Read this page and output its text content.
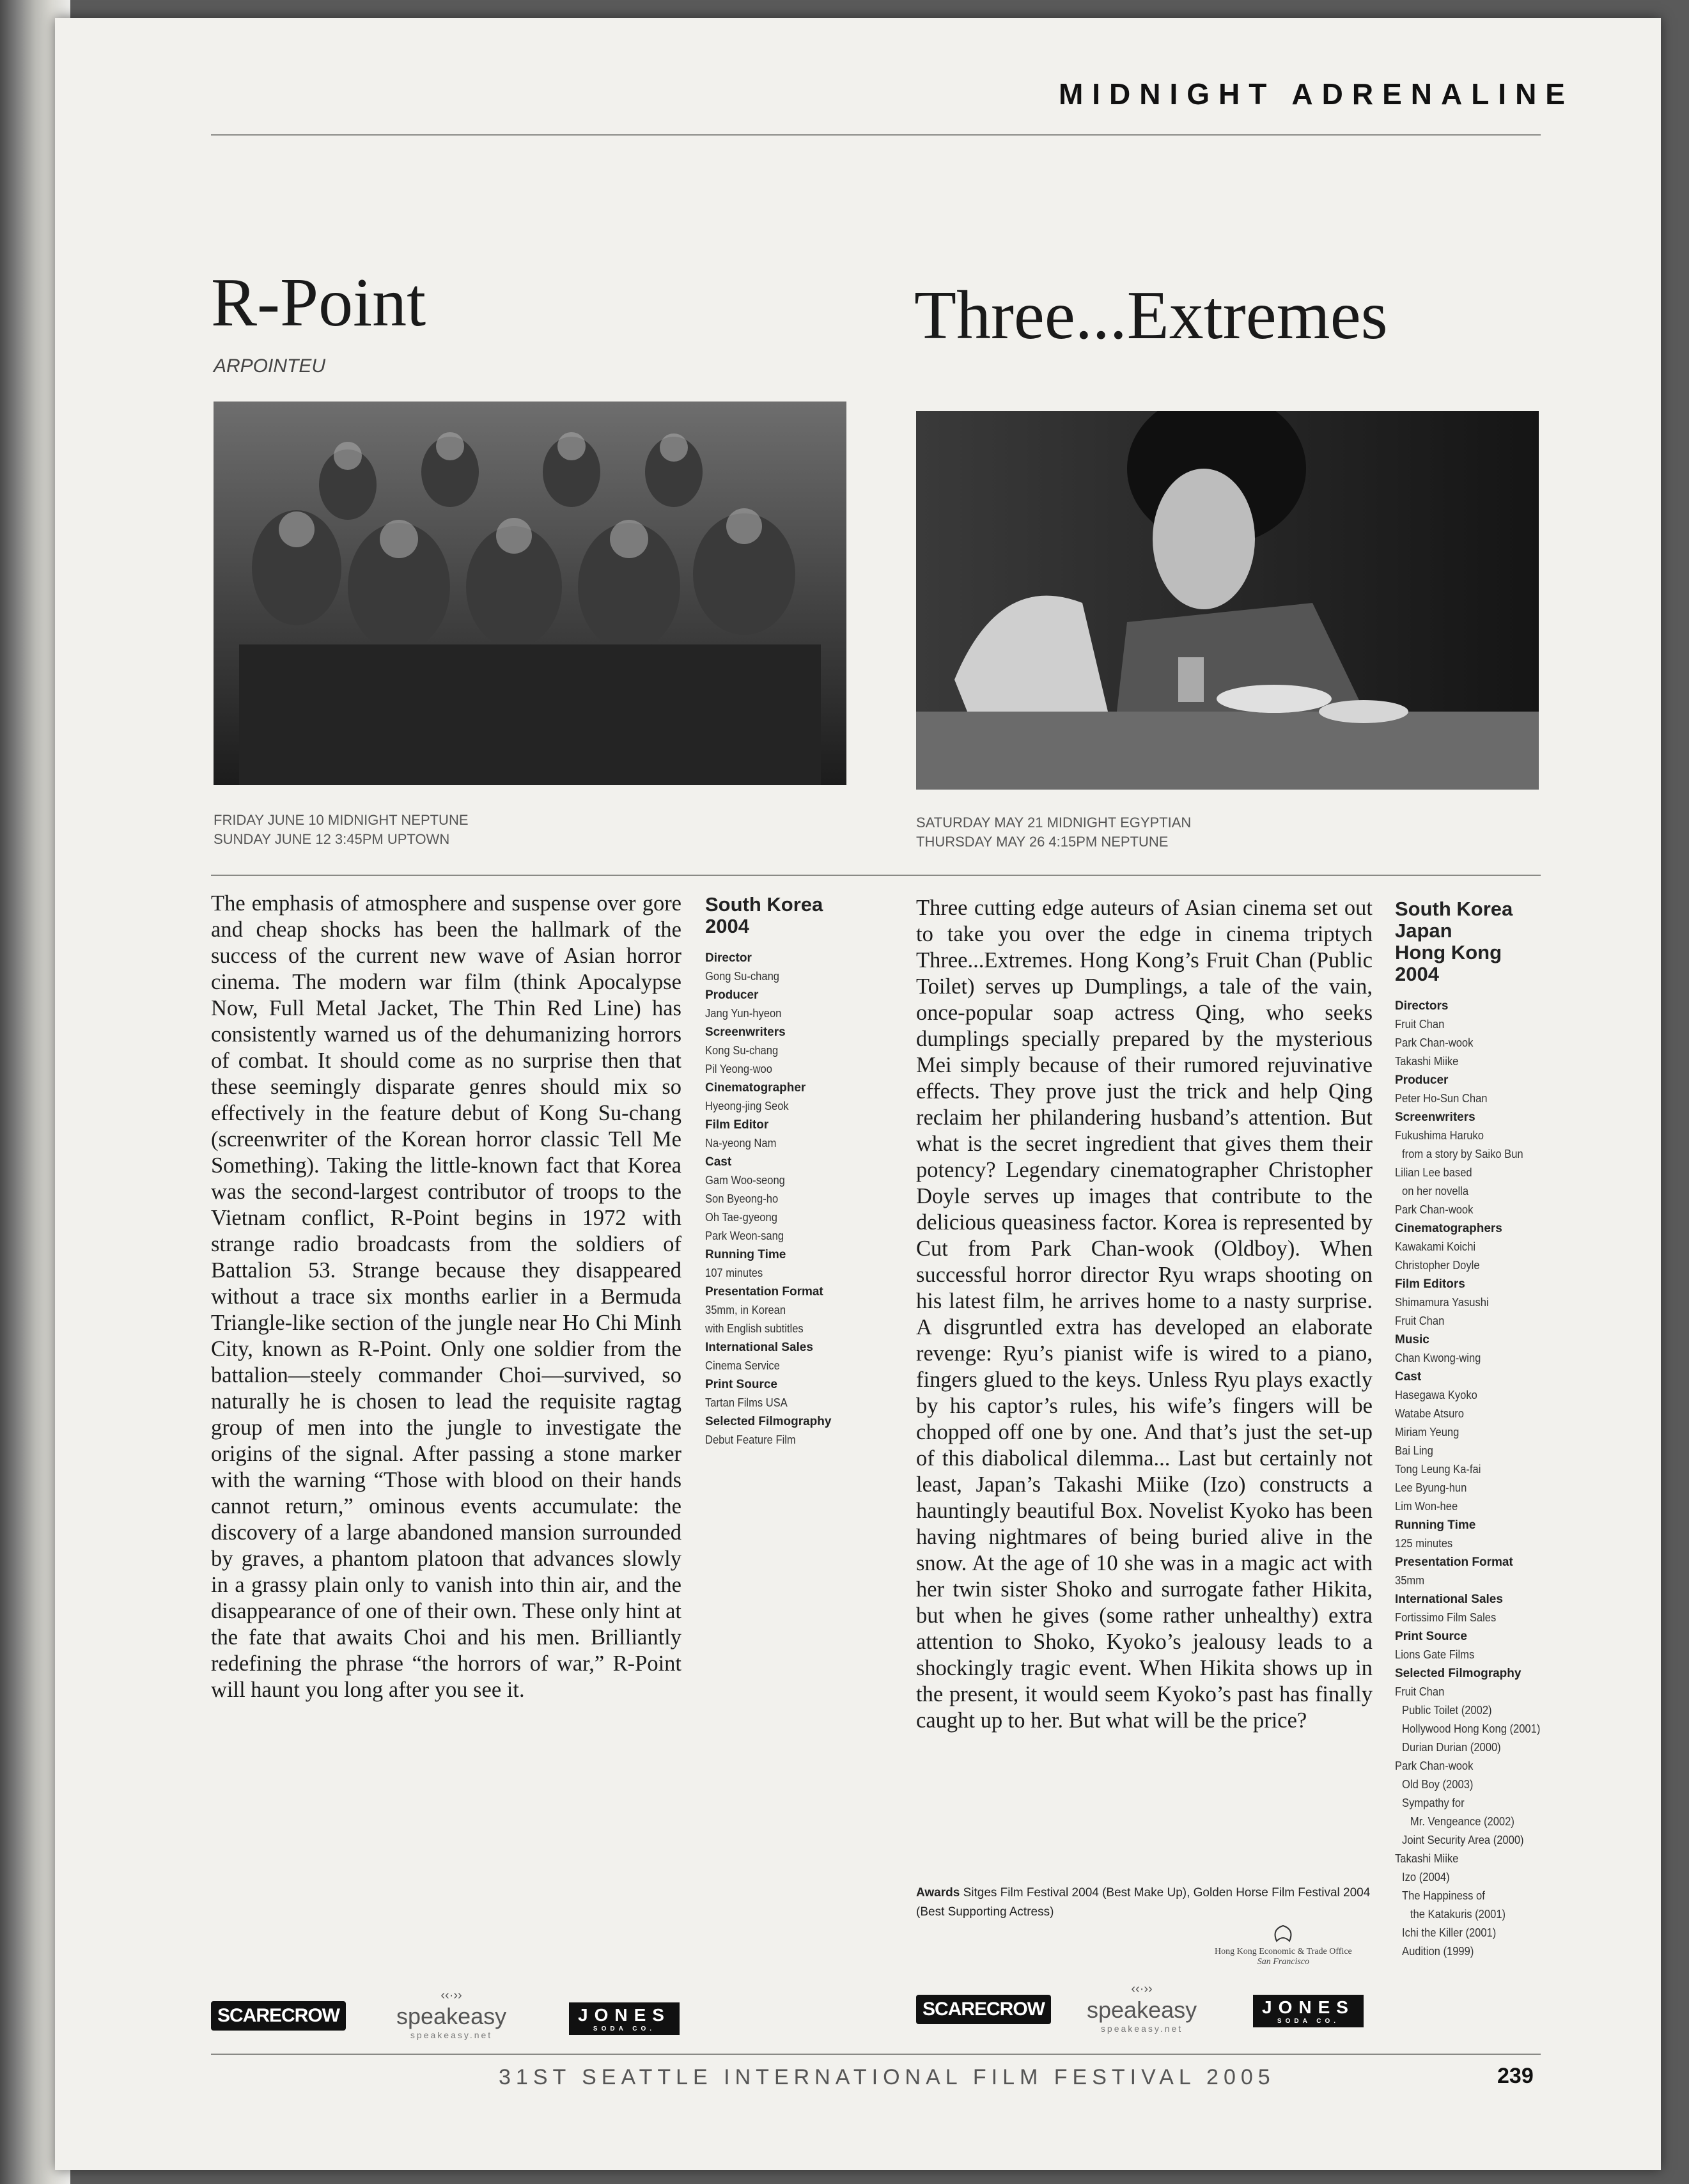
MIDNIGHT ADRENALINE
R-Point
ARPOINTEU
FRIDAY JUNE 10 MIDNIGHT NEPTUNE
SUNDAY JUNE 12 3:45PM UPTOWN
Three...Extremes
SATURDAY MAY 21 MIDNIGHT EGYPTIAN
THURSDAY MAY 26 4:15PM NEPTUNE

The emphasis of atmosphere and suspense over gore and cheap shocks has been the hallmark of the success of the current new wave of Asian horror cinema. The modern war film (think Apocalypse Now, Full Metal Jacket, The Thin Red Line) has consistently warned us of the dehumanizing horrors of combat. It should come as no surprise then that these seemingly disparate genres should mix so effectively in the feature debut of Kong Su-chang (screenwriter of the Korean horror classic Tell Me Something). Taking the little-known fact that Korea was the second-largest contributor of troops to the Vietnam conflict, R-Point begins in 1972 with strange radio broadcasts from the soldiers of Battalion 53. Strange because they disappeared without a trace six months earlier in a Bermuda Triangle-like section of the jungle near Ho Chi Minh City, known as R-Point. Only one soldier from the battalion—steely commander Choi—survived, so naturally he is chosen to lead the requisite ragtag group of men into the jungle to investigate the origins of the signal. After passing a stone marker with the warning “Those with blood on their hands cannot return,” ominous events accumulate: the discovery of a large abandoned mansion surrounded by graves, a phantom platoon that advances slowly in a grassy plain only to vanish into thin air, and the disappearance of one of their own. These only hint at the fate that awaits Choi and his men. Brilliantly redefining the phrase “the horrors of war,” R-Point will haunt you long after you see it.

South Korea
2004
Director
Gong Su-chang
Producer
Jang Yun-hyeon
Screenwriters
Kong Su-chang
Pil Yeong-woo
Cinematographer
Hyeong-jing Seok
Film Editor
Na-yeong Nam
Cast
Gam Woo-seong
Son Byeong-ho
Oh Tae-gyeong
Park Weon-sang
Running Time
107 minutes
Presentation Format
35mm, in Korean
with English subtitles
International Sales
Cinema Service
Print Source
Tartan Films USA
Selected Filmography
Debut Feature Film

Three cutting edge auteurs of Asian cinema set out to take you over the edge in cinema triptych Three...Extremes. Hong Kong’s Fruit Chan (Public Toilet) serves up Dumplings, a tale of the vain, once-popular soap actress Qing, who seeks dumplings specially prepared by the mysterious Mei simply because of their rumored rejuvinative effects. They prove just the trick and help Qing reclaim her philandering husband’s attention. But what is the secret ingredient that gives them their potency? Legendary cinematographer Christopher Doyle serves up images that contribute to the delicious queasiness factor. Korea is represented by Cut from Park Chan-wook (Oldboy). When successful horror director Ryu wraps shooting on his latest film, he arrives home to a nasty surprise. A disgruntled extra has developed an elaborate revenge: Ryu’s pianist wife is wired to a piano, fingers glued to the keys. Unless Ryu plays exactly by his captor’s rules, his wife’s fingers will be chopped off one by one. And that’s just the set-up of this diabolical dilemma... Last but certainly not least, Japan’s Takashi Miike (Izo) constructs a hauntingly beautiful Box. Novelist Kyoko has been having nightmares of being buried alive in the snow. At the age of 10 she was in a magic act with her twin sister Shoko and surrogate father Hikita, but when he gives (some rather unhealthy) extra attention to Shoko, Kyoko’s jealousy leads to a shockingly tragic event. When Hikita shows up in the present, it would seem Kyoko’s past has finally caught up to her. But what will be the price?

Awards Sitges Film Festival 2004 (Best Make Up), Golden Horse Film Festival 2004 (Best Supporting Actress)
Hong Kong Economic & Trade Office
San Francisco
South Korea
Japan
Hong Kong
2004
Directors
Fruit Chan
Park Chan-wook
Takashi Miike
Producer
Peter Ho-Sun Chan
Screenwriters
Fukushima Haruko
from a story by Saiko Bun
Lilian Lee based
on her novella
Park Chan-wook
Cinematographers
Kawakami Koichi
Christopher Doyle
Film Editors
Shimamura Yasushi
Fruit Chan
Music
Chan Kwong-wing
Cast
Hasegawa Kyoko
Watabe Atsuro
Miriam Yeung
Bai Ling
Tong Leung Ka-fai
Lee Byung-hun
Lim Won-hee
Running Time
125 minutes
Presentation Format
35mm
International Sales
Fortissimo Film Sales
Print Source
Lions Gate Films
Selected Filmography
Fruit Chan
Public Toilet (2002)
Hollywood Hong Kong (2001)
Durian Durian (2000)
Park Chan-wook
Old Boy (2003)
Sympathy for
Mr. Vengeance (2002)
Joint Security Area (2000)
Takashi Miike
Izo (2004)
The Happiness of
the Katakuris (2001)
Ichi the Killer (2001)
Audition (1999)
SCARECROW
‹‹·››
speakeasy
speakeasy.net
JONES
SODA CO.
SCARECROW
‹‹·››
speakeasy
speakeasy.net
JONES
SODA CO.
31ST SEATTLE INTERNATIONAL FILM FESTIVAL 2005	239
